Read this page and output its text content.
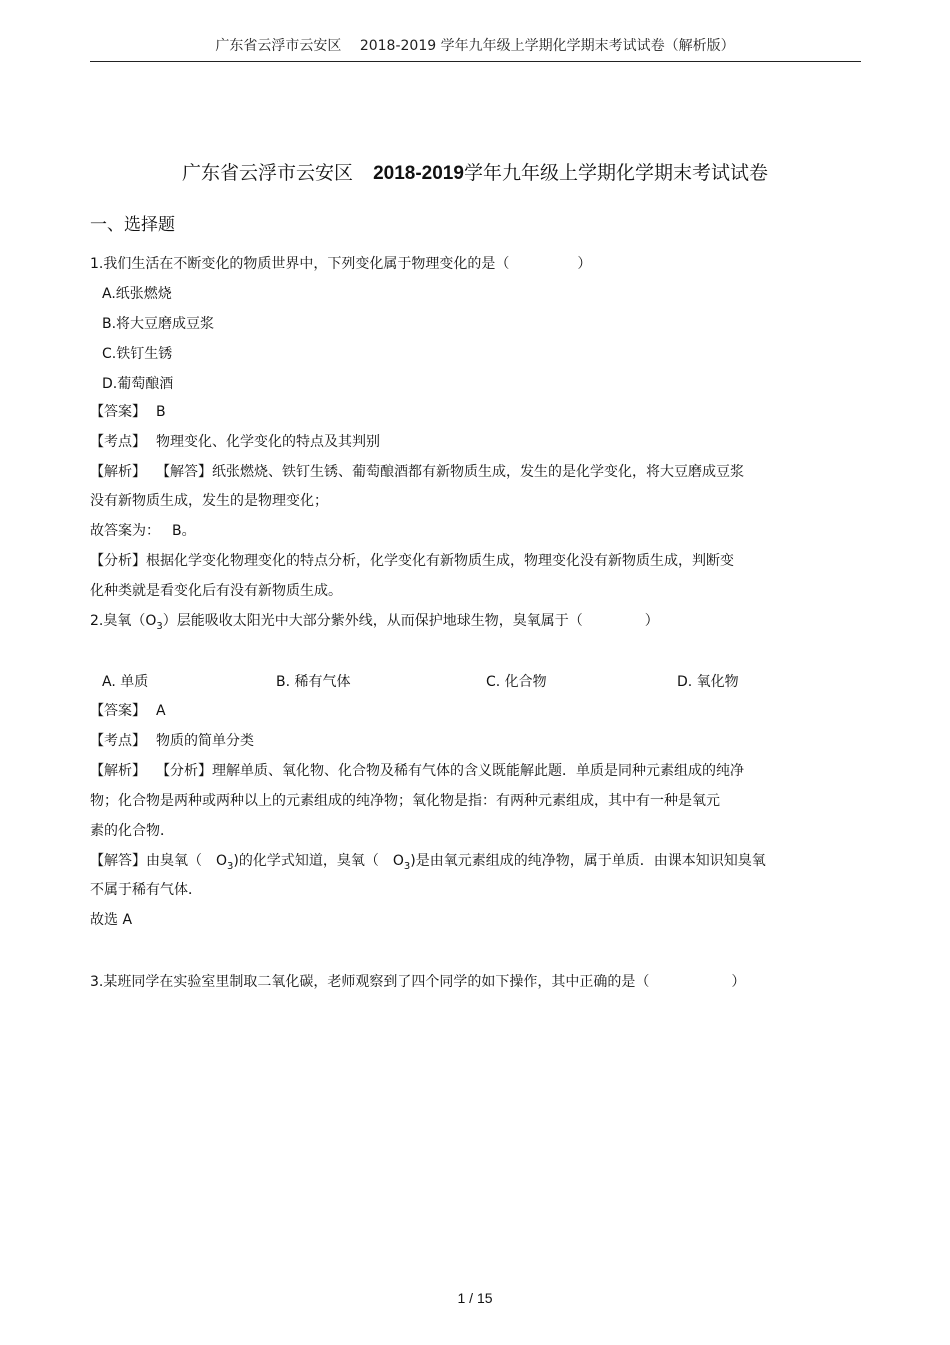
广东省云浮市云安区　 2018-2019 学年九年级上学期化学期末考试试卷（解析版）
广东省云浮市云安区 2018-2019学年九年级上学期化学期末考试试卷
一、选择题
1.我们生活在不断变化的物质世界中，下列变化属于物理变化的是（	）
A.纸张燃烧
B.将大豆磨成豆浆
C.铁钉生锈
D.葡萄酿酒
【答案】 B
【考点】 物理变化、化学变化的特点及其判别
【解析】 【解答】纸张燃烧、铁钉生锈、葡萄酿酒都有新物质生成，发生的是化学变化，将大豆磨成豆浆
没有新物质生成，发生的是物理变化；
故答案为： B。
【分析】根据化学变化物理变化的特点分析，化学变化有新物质生成，物理变化没有新物质生成，判断变
化种类就是看变化后有没有新物质生成。
2.臭氧$(O_3)$层能吸收太阳光中大部分紫外线，从而保护地球生物，臭氧属于（	）
A. 单质	B. 稀有气体	C. 化合物	D. 氧化物
【答案】 A
【考点】 物质的简单分类
【解析】 【分析】理解单质、氧化物、化合物及稀有气体的含义既能解此题．单质是同种元素组成的纯净
物；化合物是两种或两种以上的元素组成的纯净物；氧化物是指：有两种元素组成，其中有一种是氧元
素的化合物．
【解答】由臭氧（ $O_3$)的化学式知道，臭氧（ $O_3$)是由氧元素组成的纯净物，属于单质．由课本知识知臭氧
不属于稀有气体．
故选 A
3.某班同学在实验室里制取二氧化碳，老师观察到了四个同学的如下操作，其中正确的是（	）
1 / 15
